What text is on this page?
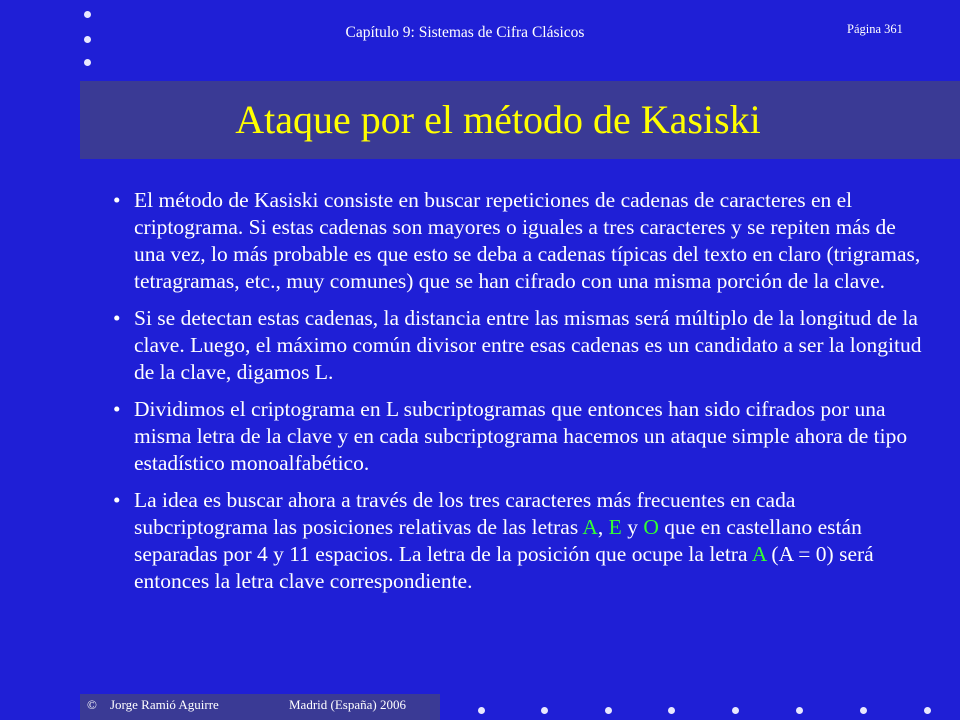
Capítulo 9: Sistemas de Cifra Clásicos	Página 361
Ataque por el método de Kasiski
• El método de Kasiski consiste en buscar repeticiones de cadenas de caracteres en el criptograma. Si estas cadenas son mayores o iguales a tres caracteres y se repiten más de una vez, lo más probable es que esto se deba a cadenas típicas del texto en claro (trigramas, tetragramas, etc., muy comunes) que se han cifrado con una misma porción de la clave.
• Si se detectan estas cadenas, la distancia entre las mismas será múltiplo de la longitud de la clave. Luego, el máximo común divisor entre esas cadenas es un candidato a ser la longitud de la clave, digamos L.
• Dividimos el criptograma en L subcriptogramas que entonces han sido cifrados por una misma letra de la clave y en cada subcriptograma hacemos un ataque simple ahora de tipo estadístico monoalfabético.
• La idea es buscar ahora a través de los tres caracteres más frecuentes en cada subcriptograma las posiciones relativas de las letras A, E y O que en castellano están separadas por 4 y 11 espacios. La letra de la posición que ocupe la letra A (A = 0) será entonces la letra clave correspondiente.
© Jorge Ramió Aguirre	Madrid (España) 2006
